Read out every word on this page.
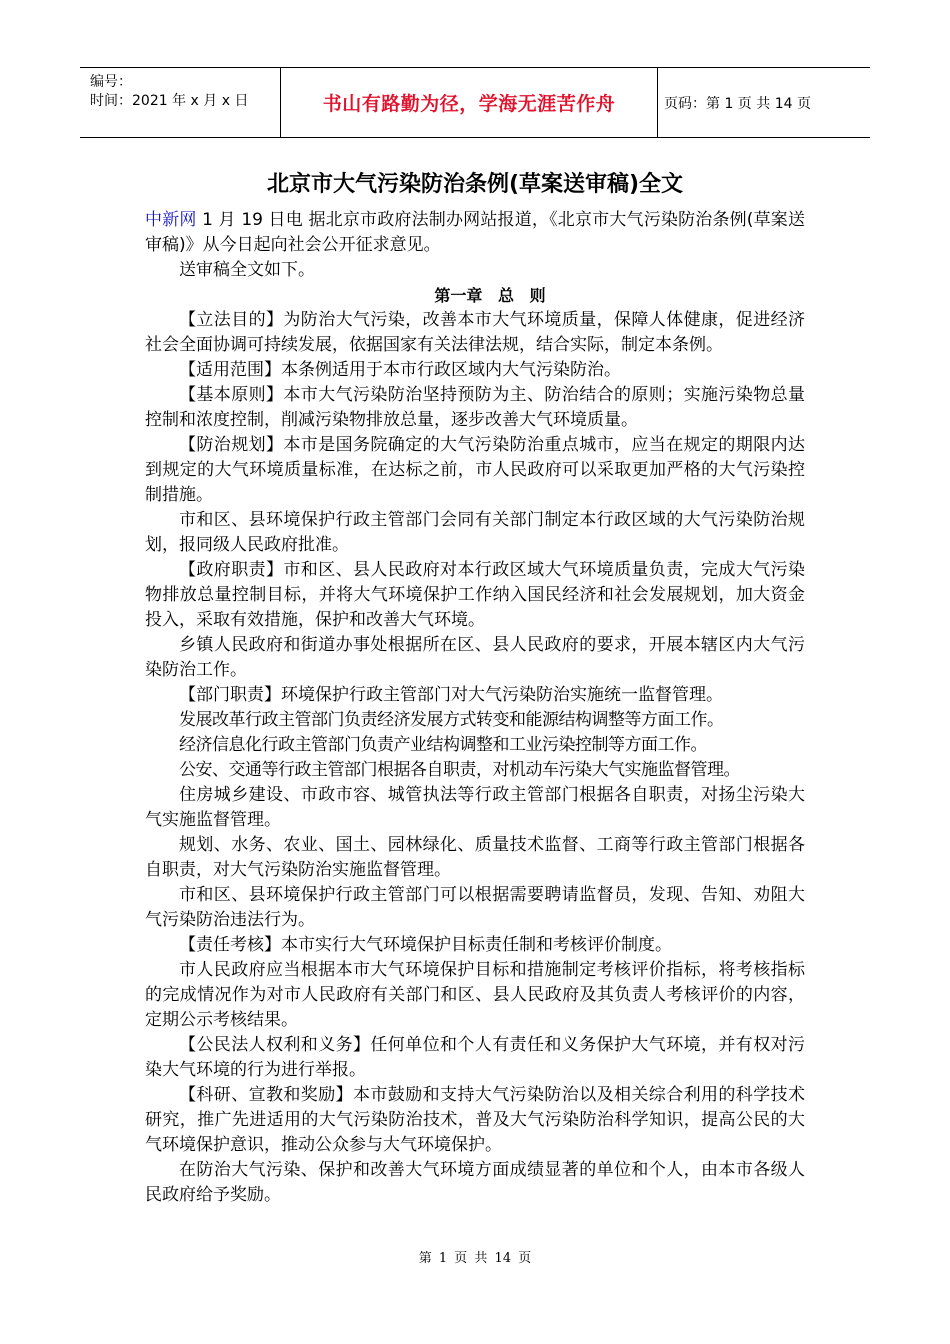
编号：
时间：2021 年 x 月 x 日	书山有路勤为径，学海无涯苦作舟	页码：第 1 页 共 14 页
北京市大气污染防治条例(草案送审稿)全文

中新网 1 月 19 日电 据北京市政府法制办网站报道，《北京市大气污染防治条例(草案送审稿)》从今日起向社会公开征求意见。

送审稿全文如下。

第一章 总 则

【立法目的】为防治大气污染，改善本市大气环境质量，保障人体健康，促进经济社会全面协调可持续发展，依据国家有关法律法规，结合实际，制定本条例。

【适用范围】本条例适用于本市行政区域内大气污染防治。

【基本原则】本市大气污染防治坚持预防为主、防治结合的原则；实施污染物总量控制和浓度控制，削减污染物排放总量，逐步改善大气环境质量。

【防治规划】本市是国务院确定的大气污染防治重点城市，应当在规定的期限内达到规定的大气环境质量标准，在达标之前，市人民政府可以采取更加严格的大气污染控制措施。

市和区、县环境保护行政主管部门会同有关部门制定本行政区域的大气污染防治规划，报同级人民政府批准。

【政府职责】市和区、县人民政府对本行政区域大气环境质量负责，完成大气污染物排放总量控制目标，并将大气环境保护工作纳入国民经济和社会发展规划，加大资金投入，采取有效措施，保护和改善大气环境。

乡镇人民政府和街道办事处根据所在区、县人民政府的要求，开展本辖区内大气污染防治工作。

【部门职责】环境保护行政主管部门对大气污染防治实施统一监督管理。

发展改革行政主管部门负责经济发展方式转变和能源结构调整等方面工作。

经济信息化行政主管部门负责产业结构调整和工业污染控制等方面工作。

公安、交通等行政主管部门根据各自职责，对机动车污染大气实施监督管理。

住房城乡建设、市政市容、城管执法等行政主管部门根据各自职责，对扬尘污染大气实施监督管理。

规划、水务、农业、国土、园林绿化、质量技术监督、工商等行政主管部门根据各自职责，对大气污染防治实施监督管理。

市和区、县环境保护行政主管部门可以根据需要聘请监督员，发现、告知、劝阻大气污染防治违法行为。

【责任考核】本市实行大气环境保护目标责任制和考核评价制度。

市人民政府应当根据本市大气环境保护目标和措施制定考核评价指标，将考核指标的完成情况作为对市人民政府有关部门和区、县人民政府及其负责人考核评价的内容，定期公示考核结果。

【公民法人权利和义务】任何单位和个人有责任和义务保护大气环境，并有权对污染大气环境的行为进行举报。

【科研、宣教和奖励】本市鼓励和支持大气污染防治以及相关综合利用的科学技术研究，推广先进适用的大气污染防治技术，普及大气污染防治科学知识，提高公民的大气环境保护意识，推动公众参与大气环境保护。

在防治大气污染、保护和改善大气环境方面成绩显著的单位和个人，由本市各级人民政府给予奖励。

第 1 页 共 14 页
